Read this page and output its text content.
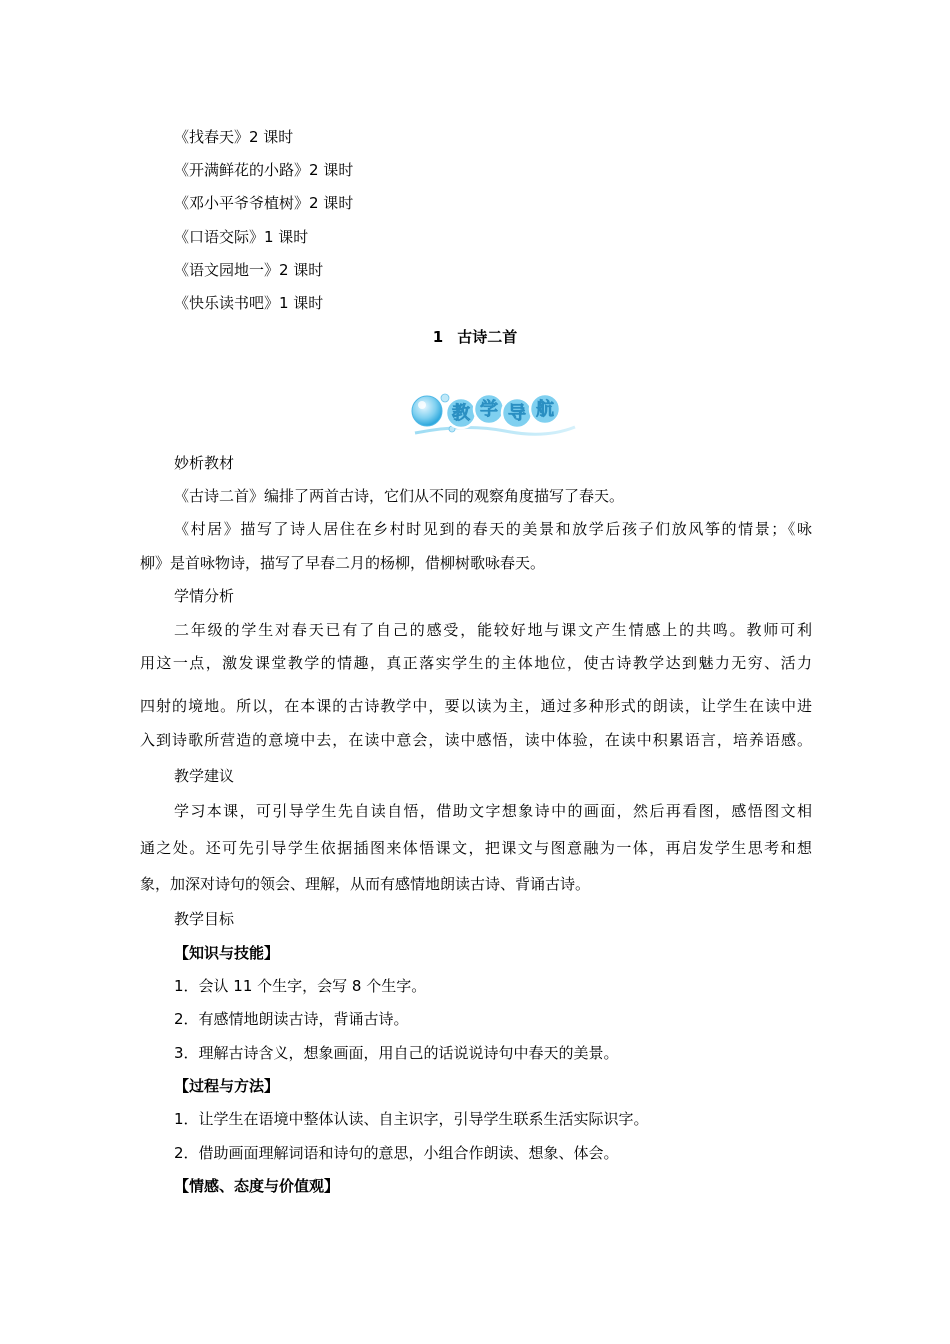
《找春天》2 课时
《开满鲜花的小路》2 课时
《邓小平爷爷植树》2 课时
《口语交际》1 课时
《语文园地一》2 课时
《快乐读书吧》1 课时
1 古诗二首
教 学 导 航
妙析教材
《古诗二首》编排了两首古诗，它们从不同的观察角度描写了春天。
《村居》描写了诗人居住在乡村时见到的春天的美景和放学后孩子们放风筝的情景；《咏
柳》是首咏物诗，描写了早春二月的杨柳，借柳树歌咏春天。
学情分析
二年级的学生对春天已有了自己的感受，能较好地与课文产生情感上的共鸣。教师可利
用这一点，激发课堂教学的情趣，真正落实学生的主体地位，使古诗教学达到魅力无穷、活力
四射的境地。所以，在本课的古诗教学中，要以读为主，通过多种形式的朗读，让学生在读中进
入到诗歌所营造的意境中去，在读中意会，读中感悟，读中体验，在读中积累语言，培养语感。
教学建议
学习本课，可引导学生先自读自悟，借助文字想象诗中的画面，然后再看图，感悟图文相
通之处。还可先引导学生依据插图来体悟课文，把课文与图意融为一体，再启发学生思考和想
象，加深对诗句的领会、理解，从而有感情地朗读古诗、背诵古诗。
教学目标
【知识与技能】
1．会认 11 个生字，会写 8 个生字。
2．有感情地朗读古诗，背诵古诗。
3．理解古诗含义，想象画面，用自己的话说说诗句中春天的美景。
【过程与方法】
1．让学生在语境中整体认读、自主识字，引导学生联系生活实际识字。
2．借助画面理解词语和诗句的意思，小组合作朗读、想象、体会。
【情感、态度与价值观】
